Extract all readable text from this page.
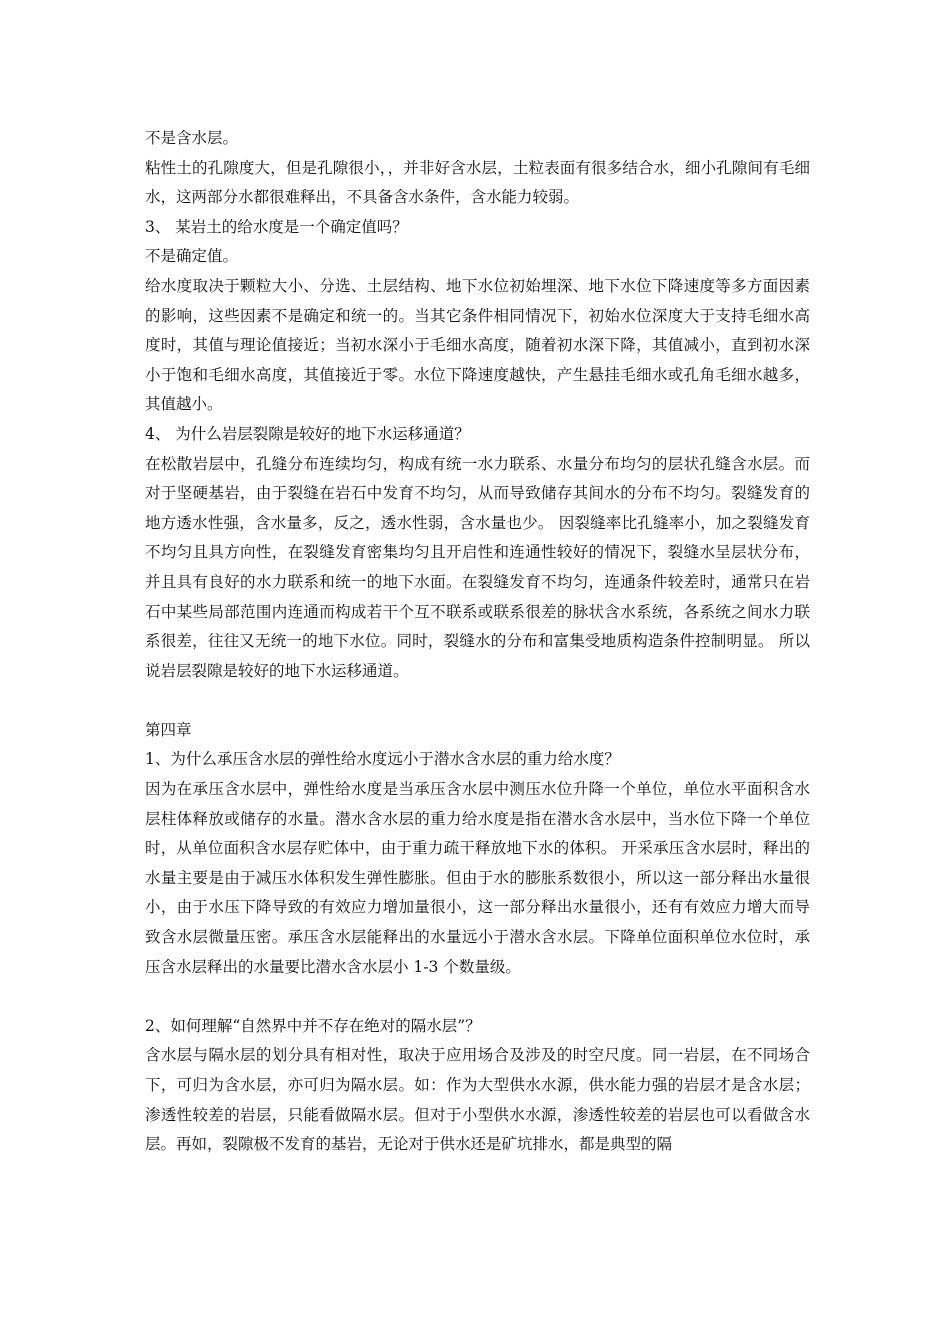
不是含水层。

粘性土的孔隙度大，但是孔隙很小，，并非好含水层，土粒表面有很多结合水，细小孔隙间有毛细水，这两部分水都很难释出，不具备含水条件，含水能力较弱。

3、 某岩土的给水度是一个确定值吗？

不是确定值。

给水度取决于颗粒大小、分选、土层结构、地下水位初始埋深、地下水位下降速度等多方面因素的影响，这些因素不是确定和统一的。当其它条件相同情况下，初始水位深度大于支持毛细水高度时，其值与理论值接近；当初水深小于毛细水高度，随着初水深下降，其值减小，直到初水深小于饱和毛细水高度，其值接近于零。水位下降速度越快，产生悬挂毛细水或孔角毛细水越多，其值越小。

4、 为什么岩层裂隙是较好的地下水运移通道？

在松散岩层中，孔缝分布连续均匀，构成有统一水力联系、水量分布均匀的层状孔缝含水层。而对于坚硬基岩，由于裂缝在岩石中发育不均匀，从而导致储存其间水的分布不均匀。裂缝发育的地方透水性强，含水量多，反之，透水性弱，含水量也少。 因裂缝率比孔缝率小，加之裂缝发育不均匀且具方向性，在裂缝发育密集均匀且开启性和连通性较好的情况下，裂缝水呈层状分布，并且具有良好的水力联系和统一的地下水面。在裂缝发育不均匀，连通条件较差时，通常只在岩石中某些局部范围内连通而构成若干个互不联系或联系很差的脉状含水系统，各系统之间水力联系很差，往往又无统一的地下水位。同时，裂缝水的分布和富集受地质构造条件控制明显。 所以说岩层裂隙是较好的地下水运移通道。

第四章

1、为什么承压含水层的弹性给水度远小于潜水含水层的重力给水度？

因为在承压含水层中，弹性给水度是当承压含水层中测压水位升降一个单位，单位水平面积含水层柱体释放或储存的水量。潜水含水层的重力给水度是指在潜水含水层中，当水位下降一个单位时，从单位面积含水层存贮体中，由于重力疏干释放地下水的体积。 开采承压含水层时，释出的水量主要是由于减压水体积发生弹性膨胀。但由于水的膨胀系数很小，所以这一部分释出水量很小，由于水压下降导致的有效应力增加量很小，这一部分释出水量很小，还有有效应力增大而导致含水层微量压密。承压含水层能释出的水量远小于潜水含水层。下降单位面积单位水位时，承压含水层释出的水量要比潜水含水层小 1-3 个数量级。

2、如何理解“自然界中并不存在绝对的隔水层”？

含水层与隔水层的划分具有相对性，取决于应用场合及涉及的时空尺度。同一岩层，在不同场合下，可归为含水层，亦可归为隔水层。如：作为大型供水水源，供水能力强的岩层才是含水层；渗透性较差的岩层，只能看做隔水层。但对于小型供水水源，渗透性较差的岩层也可以看做含水层。再如，裂隙极不发育的基岩，无论对于供水还是矿坑排水，都是典型的隔
